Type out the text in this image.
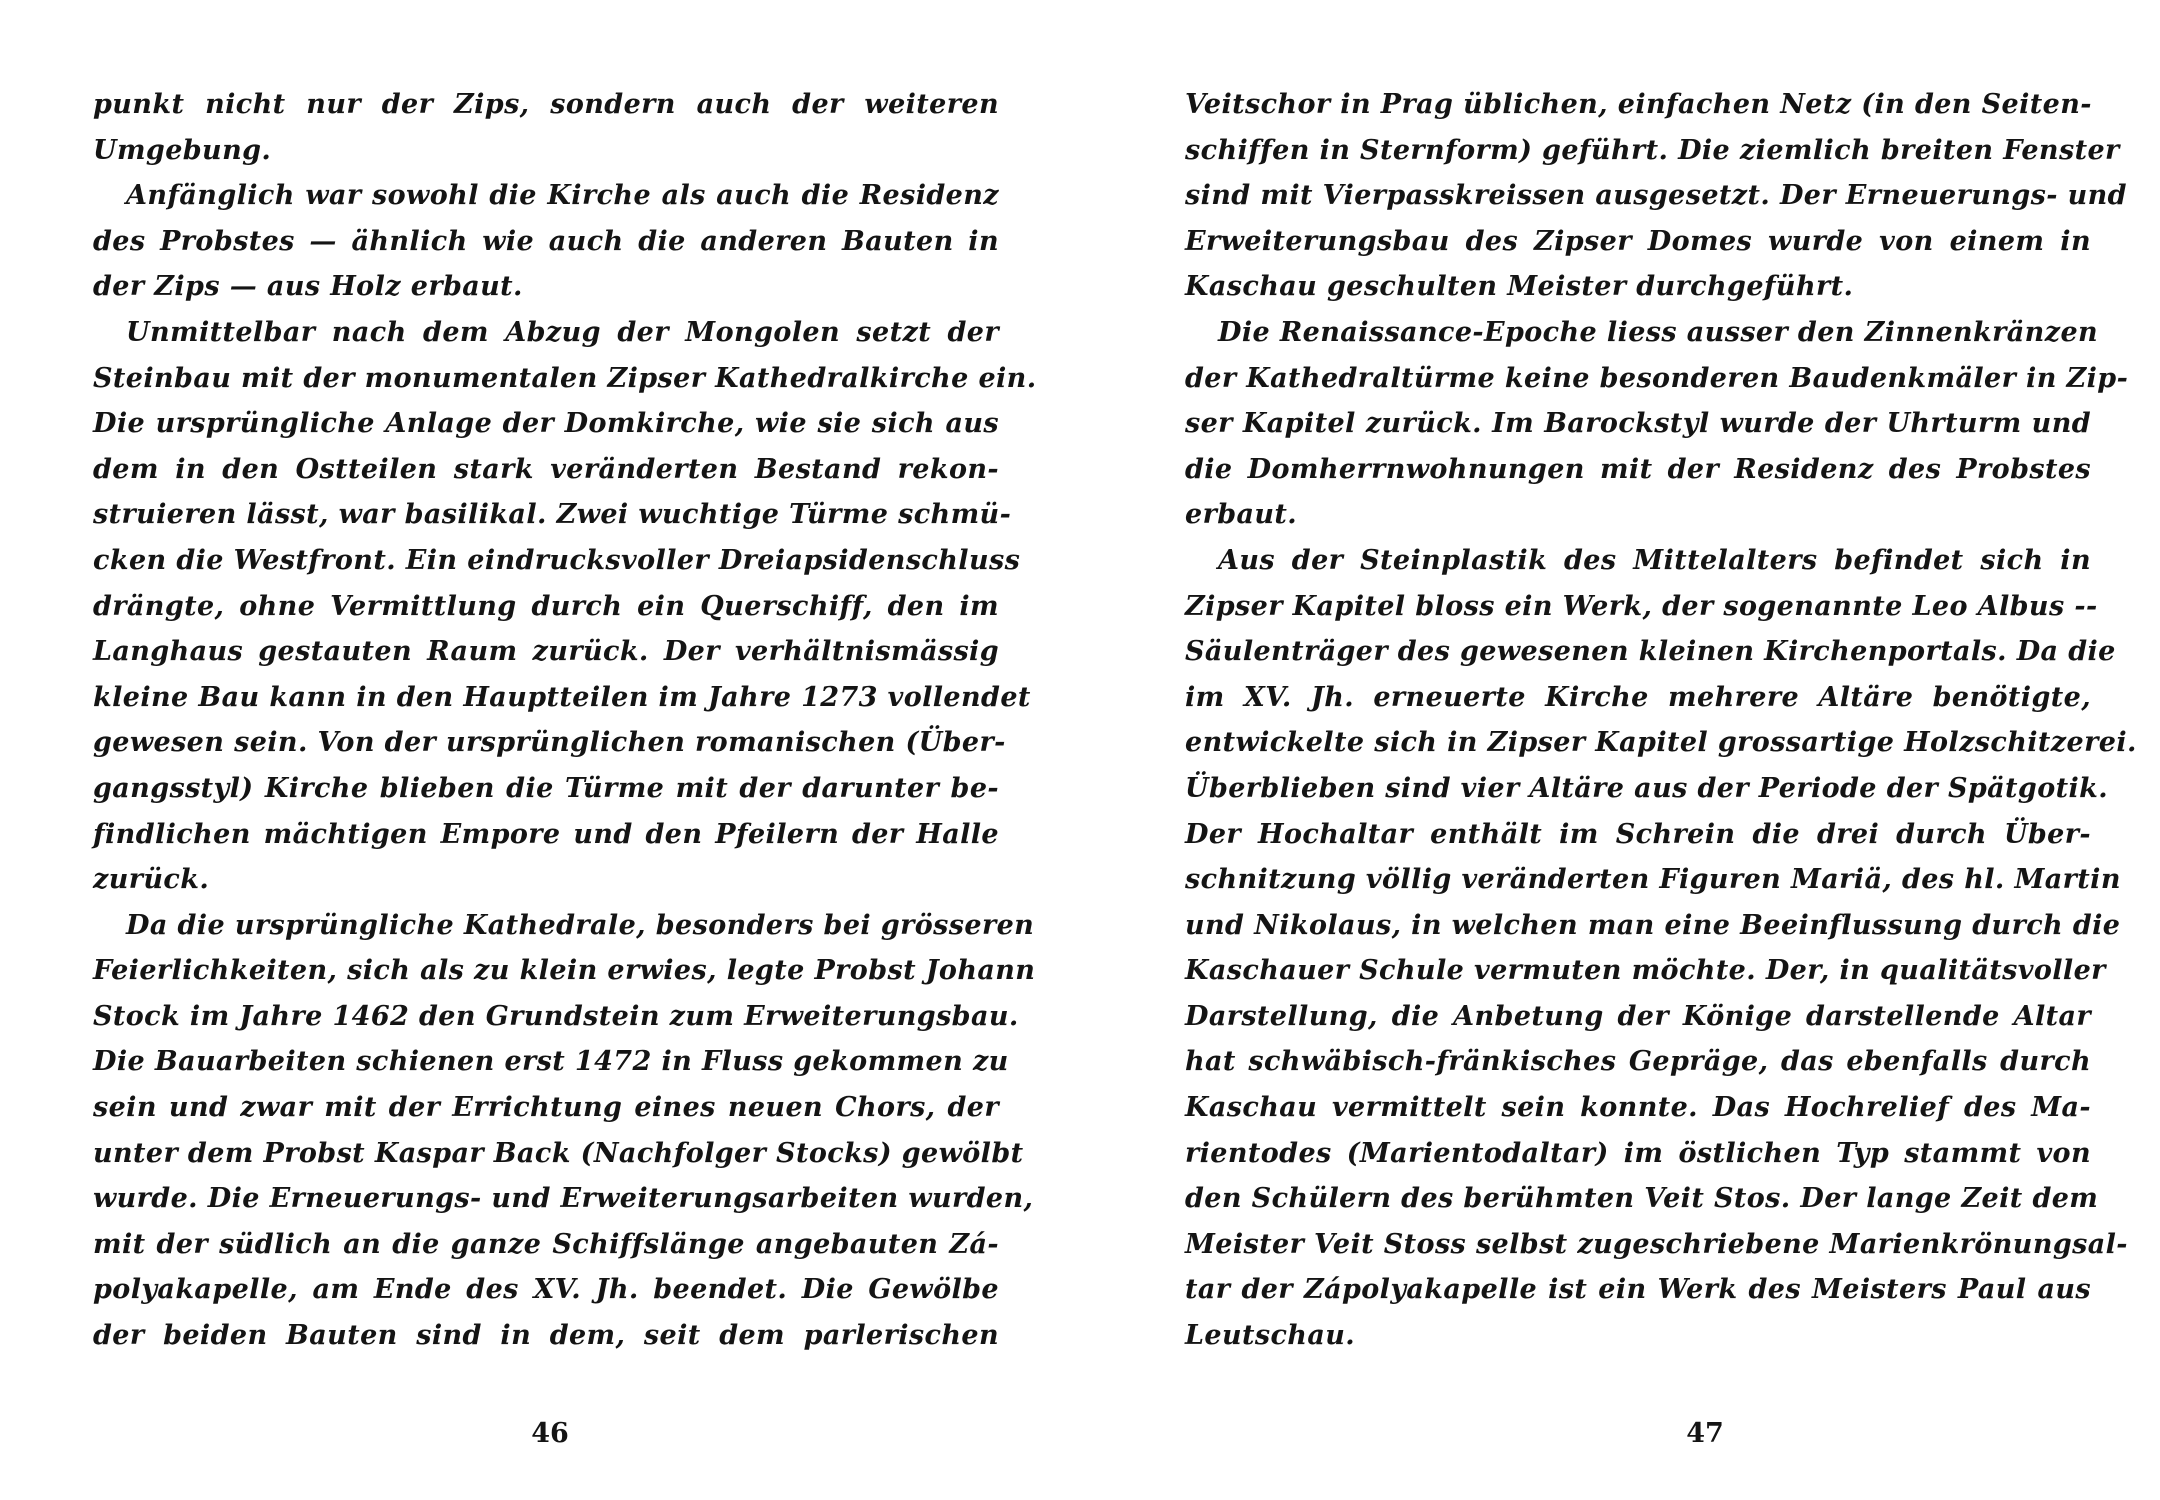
punkt nicht nur der Zips, sondern auch der weiteren
Umgebung.
Anfänglich war sowohl die Kirche als auch die Residenz
des Probstes — ähnlich wie auch die anderen Bauten in
der Zips — aus Holz erbaut.
Unmittelbar nach dem Abzug der Mongolen setzt der
Steinbau mit der monumentalen Zipser Kathedralkirche ein.
Die ursprüngliche Anlage der Domkirche, wie sie sich aus
dem in den Ostteilen stark veränderten Bestand rekon-
struieren lässt, war basilikal. Zwei wuchtige Türme schmü-
cken die Westfront. Ein eindrucksvoller Dreiapsidenschluss
drängte, ohne Vermittlung durch ein Querschiff, den im
Langhaus gestauten Raum zurück. Der verhältnismässig
kleine Bau kann in den Hauptteilen im Jahre 1273 vollendet
gewesen sein. Von der ursprünglichen romanischen (Über-
gangsstyl) Kirche blieben die Türme mit der darunter be-
findlichen mächtigen Empore und den Pfeilern der Halle
zurück.
Da die ursprüngliche Kathedrale, besonders bei grösseren
Feierlichkeiten, sich als zu klein erwies, legte Probst Johann
Stock im Jahre 1462 den Grundstein zum Erweiterungsbau.
Die Bauarbeiten schienen erst 1472 in Fluss gekommen zu
sein und zwar mit der Errichtung eines neuen Chors, der
unter dem Probst Kaspar Back (Nachfolger Stocks) gewölbt
wurde. Die Erneuerungs- und Erweiterungsarbeiten wurden,
mit der südlich an die ganze Schiffslänge angebauten Zá-
polyakapelle, am Ende des XV. Jh. beendet. Die Gewölbe
der beiden Bauten sind in dem, seit dem parlerischen
46
Veitschor in Prag üblichen, einfachen Netz (in den Seiten-
schiffen in Sternform) geführt. Die ziemlich breiten Fenster
sind mit Vierpasskreissen ausgesetzt. Der Erneuerungs- und
Erweiterungsbau des Zipser Domes wurde von einem in
Kaschau geschulten Meister durchgeführt.
Die Renaissance-Epoche liess ausser den Zinnenkränzen
der Kathedraltürme keine besonderen Baudenkmäler in Zip-
ser Kapitel zurück. Im Barockstyl wurde der Uhrturm und
die Domherrnwohnungen mit der Residenz des Probstes
erbaut.
Aus der Steinplastik des Mittelalters befindet sich in
Zipser Kapitel bloss ein Werk, der sogenannte Leo Albus --
Säulenträger des gewesenen kleinen Kirchenportals. Da die
im XV. Jh. erneuerte Kirche mehrere Altäre benötigte,
entwickelte sich in Zipser Kapitel grossartige Holzschitzerei.
Überblieben sind vier Altäre aus der Periode der Spätgotik.
Der Hochaltar enthält im Schrein die drei durch Über-
schnitzung völlig veränderten Figuren Mariä, des hl. Martin
und Nikolaus, in welchen man eine Beeinflussung durch die
Kaschauer Schule vermuten möchte. Der, in qualitätsvoller
Darstellung, die Anbetung der Könige darstellende Altar
hat schwäbisch-fränkisches Gepräge, das ebenfalls durch
Kaschau vermittelt sein konnte. Das Hochrelief des Ma-
rientodes (Marientodaltar) im östlichen Typ stammt von
den Schülern des berühmten Veit Stos. Der lange Zeit dem
Meister Veit Stoss selbst zugeschriebene Marienkrönungsal-
tar der Zápolyakapelle ist ein Werk des Meisters Paul aus
Leutschau.
47
